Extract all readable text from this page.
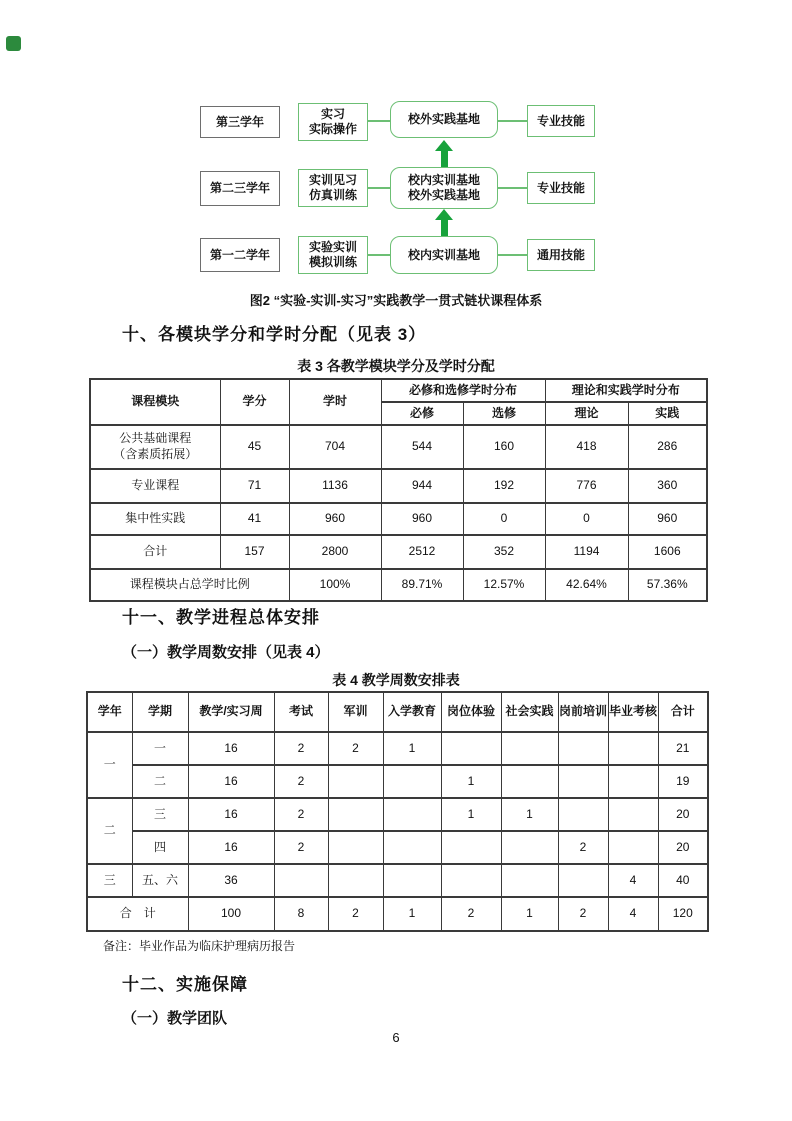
第三学年
实习
实际操作
校外实践基地	专业技能
第二三学年
实训见习
仿真训练
校内实训基地
校外实践基地
专业技能
第一二学年
实验实训
模拟训练
校内实训基地	通用技能
图2 “实验-实训-实习”实践教学一贯式链状课程体系
十、各模块学分和学时分配（见表 3）
表 3 各教学模块学分及学时分配
课程模块	学分	学时	必修和选修学时分布		理论和实践学时分布	
			必修	选修	理论	实践

公共基础课程
（含素质拓展）	45	704	544	160	418	286
专业课程	71	1136	944	192	776	360
集中性实践	41	960	960	0	0	960
合计	157	2800	2512	352	1194	1606
课程模块占总学时比例		100%	89.71%	12.57%	42.64%	57.36%
十一、教学进程总体安排
（一）教学周数安排（见表 4）
表 4 教学周数安排表
学年	学期	教学/实习周	考试	军训	入学教育	岗位体验	社会实践	岗前培训	毕业考核	合计
一	一	16	2	2	1					21
	二	16	2			1				19
二	三	16	2			1	1			20
	四	16	2					2		20
三	五、六	36							4	40
合　计		100	8	2	1	2	1	2	4	120
备注：毕业作品为临床护理病历报告
十二、实施保障
（一）教学团队
6
